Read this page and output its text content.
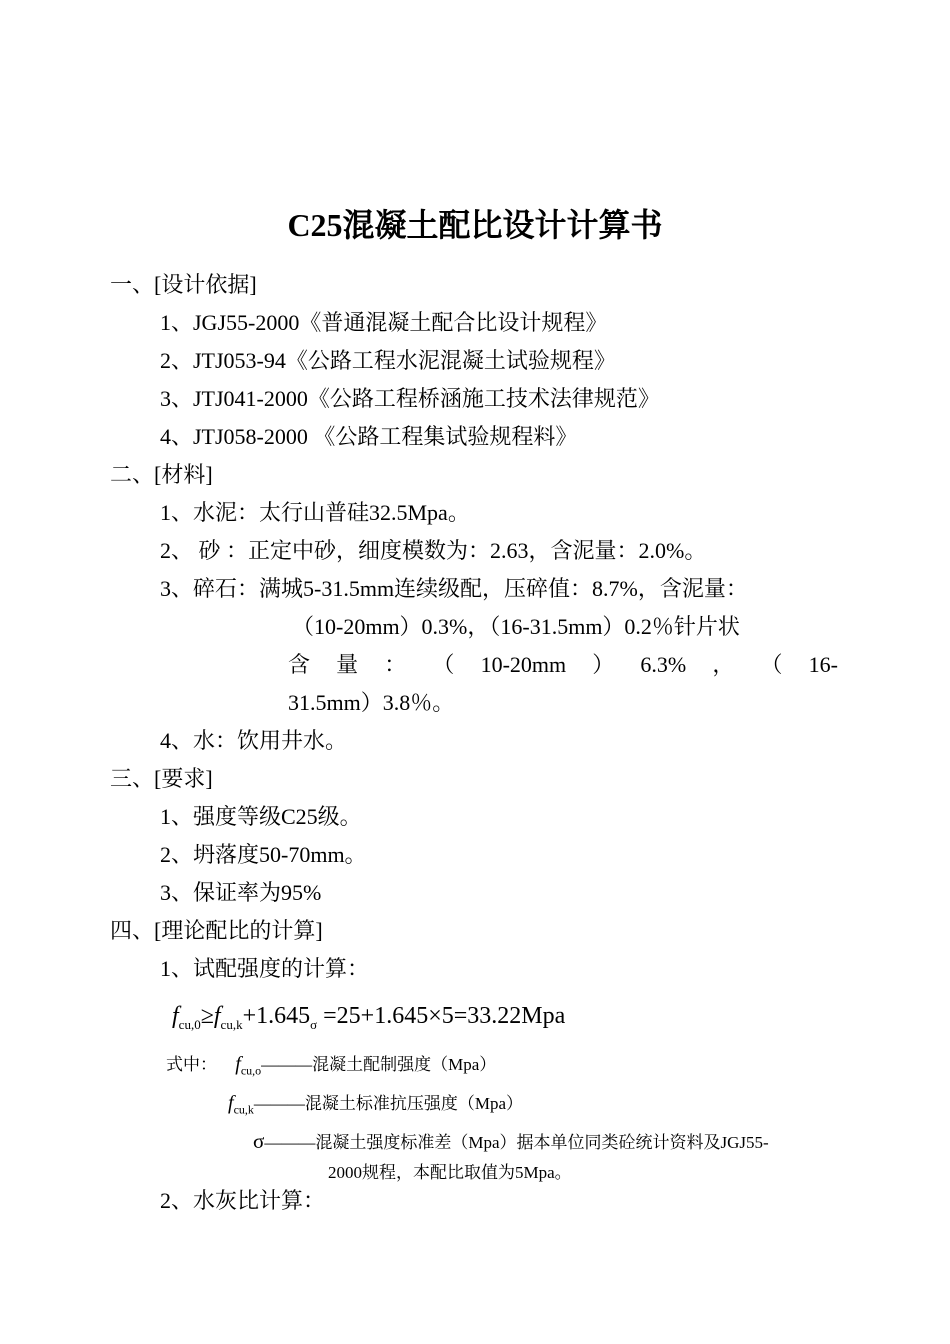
C25混凝土配比设计计算书
一、[设计依据]
1、JGJ55-2000《普通混凝土配合比设计规程》
2、JTJ053-94《公路工程水泥混凝土试验规程》
3、JTJ041-2000《公路工程桥涵施工技术法律规范》
4、JTJ058-2000 《公路工程集试验规程料》
二、[材料]
1、水泥：太行山普硅32.5Mpa。
2、 砂 ：正定中砂，细度模数为：2.63，含泥量：2.0%。
3、碎石：满城5-31.5mm连续级配，压碎值：8.7%，含泥量：
（10-20mm）0.3%，（16-31.5mm）0.2％针片状
含 量 ： （ 10-20mm ） 6.3% ， （ 16-
31.5mm）3.8％。
4、水：饮用井水。
三、[要求]
1、强度等级C25级。
2、坍落度50-70mm。
3、保证率为95%
四、[理论配比的计算]
1、试配强度的计算：
$f_{cu,0}\ge f_{cu,k}+1.645_\sigma =25+1.645\times 5=33.22Mpa$
式中： $f_{cu,o}———$混凝土配制强度（Mpa）
$f_{cu,k}———$混凝土标准抗压强度（Mpa）
σ———混凝土强度标准差（Mpa）据本单位同类砼统计资料及JGJ55-
2000规程，本配比取值为5Mpa。
2、水灰比计算：
